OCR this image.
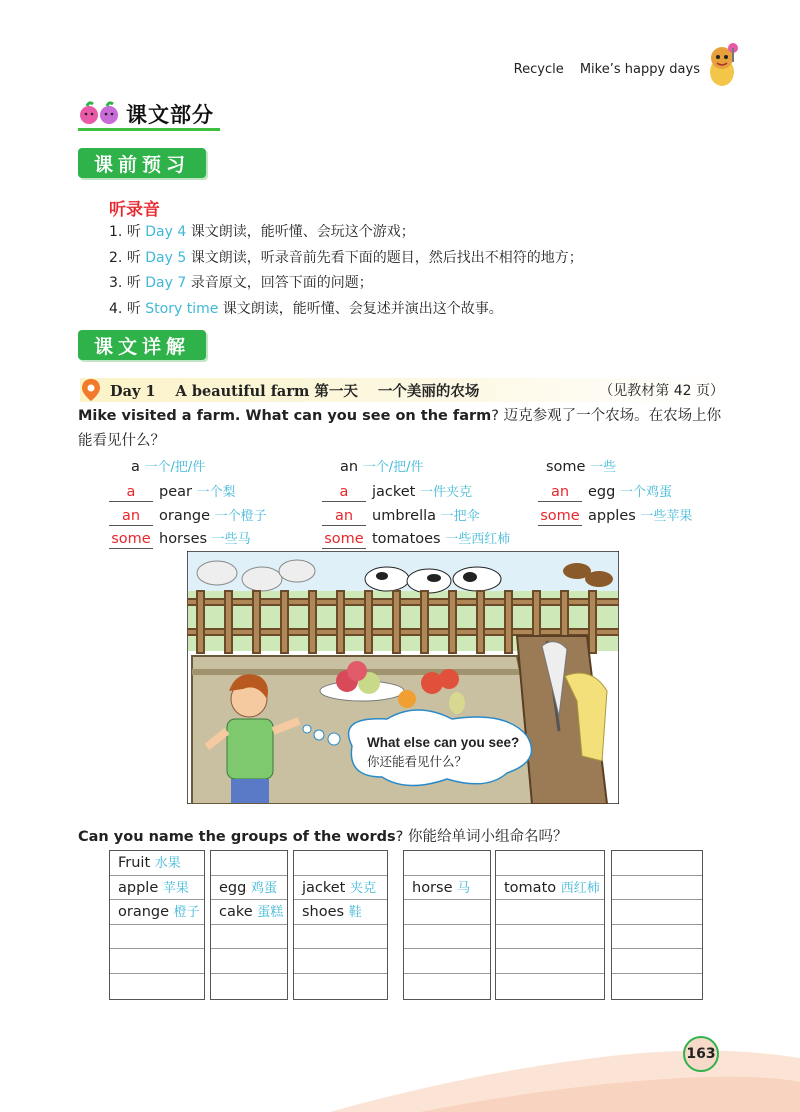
Recycle Mike’s happy days
课文部分
课前预习
听录音
1. 听 Day 4 课文朗读，能听懂、会玩这个游戏；
2. 听 Day 5 课文朗读，听录音前先看下面的题目，然后找出不相符的地方；
3. 听 Day 7 录音原文，回答下面的问题；
4. 听 Story time 课文朗读，能听懂、会复述并演出这个故事。
课文详解
Day 1 A beautiful farm 第一天 一个美丽的农场	（见教材第 42 页）
Mike visited a farm. What can you see on the farm? 迈克参观了一个农场。在农场上你能看见什么？
a 一个/把/件
a pear 一个梨
an orange 一个橙子
some horses 一些马
an 一个/把/件
a jacket 一件夹克
an umbrella 一把伞
some tomatoes 一些西红柿
some 一些
an egg 一个鸡蛋
some apples 一些苹果
What else can you see?
你还能看见什么？
Can you name the groups of the words? 你能给单词小组命名吗？
Fruit 水果
apple 苹果
orange 橙子
egg 鸡蛋
cake 蛋糕
jacket 夹克
shoes 鞋
horse 马	tomato 西红柿
163
